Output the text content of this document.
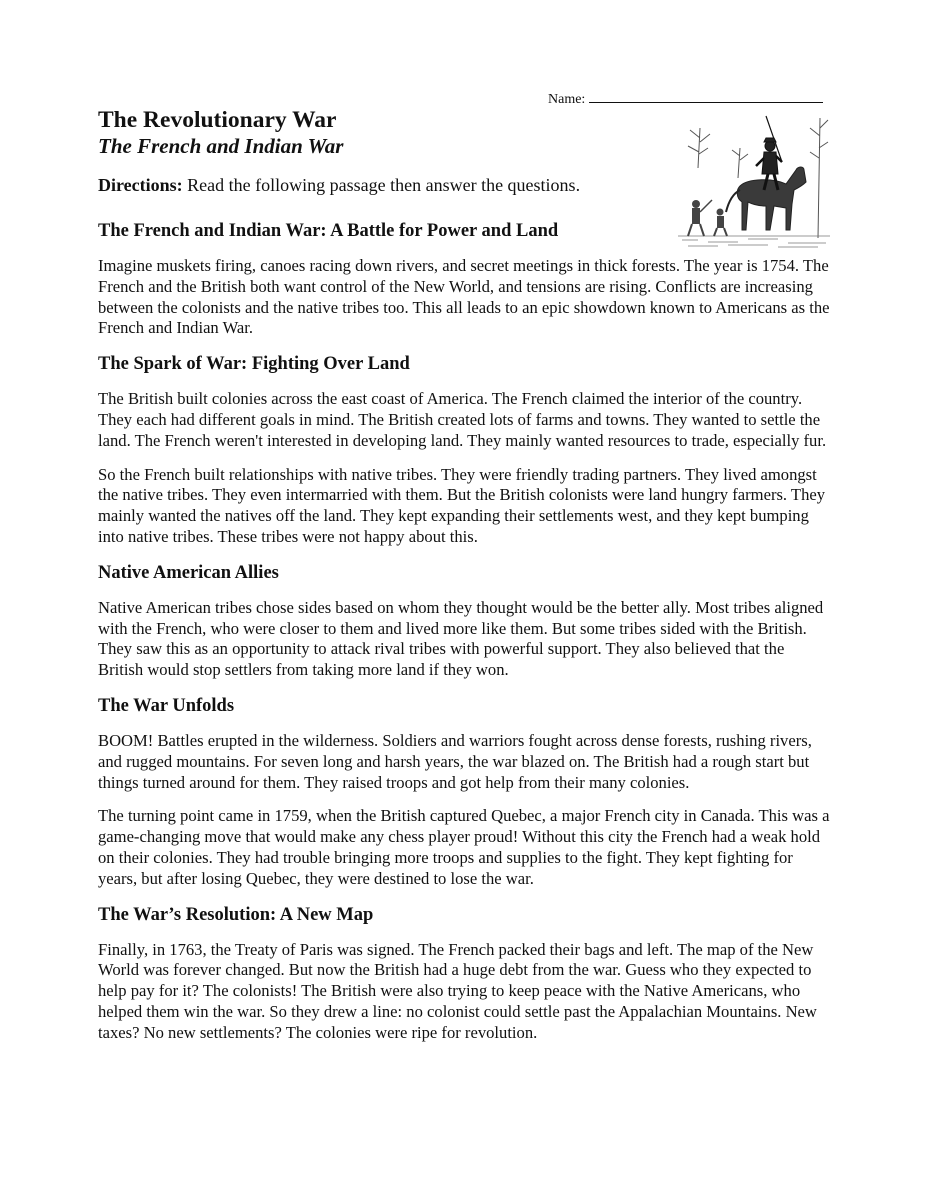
Name:
The Revolutionary War
The French and Indian War
Directions: Read the following passage then answer the questions.
The French and Indian War: A Battle for Power and Land

Imagine muskets firing, canoes racing down rivers, and secret meetings in thick forests. The year is 1754. The French and the British both want control of the New World, and tensions are rising. Conflicts are increasing between the colonists and the native tribes too. This all leads to an epic showdown known to Americans as the French and Indian War.

The Spark of War: Fighting Over Land

The British built colonies across the east coast of America. The French claimed the interior of the country. They each had different goals in mind. The British created lots of farms and towns. They wanted to settle the land. The French weren't interested in developing land. They mainly wanted resources to trade, especially fur.

So the French built relationships with native tribes. They were friendly trading partners. They lived amongst the native tribes. They even intermarried with them. But the British colonists were land hungry farmers. They mainly wanted the natives off the land. They kept expanding their settlements west, and they kept bumping into native tribes. These tribes were not happy about this.

Native American Allies

Native American tribes chose sides based on whom they thought would be the better ally. Most tribes aligned with the French, who were closer to them and lived more like them. But some tribes sided with the British. They saw this as an opportunity to attack rival tribes with powerful support. They also believed that the British would stop settlers from taking more land if they won.

The War Unfolds

BOOM! Battles erupted in the wilderness. Soldiers and warriors fought across dense forests, rushing rivers, and rugged mountains. For seven long and harsh years, the war blazed on. The British had a rough start but things turned around for them. They raised troops and got help from their many colonies.

The turning point came in 1759, when the British captured Quebec, a major French city in Canada. This was a game-changing move that would make any chess player proud! Without this city the French had a weak hold on their colonies. They had trouble bringing more troops and supplies to the fight. They kept fighting for years, but after losing Quebec, they were destined to lose the war.

The War’s Resolution: A New Map

Finally, in 1763, the Treaty of Paris was signed. The French packed their bags and left. The map of the New World was forever changed. But now the British had a huge debt from the war. Guess who they expected to help pay for it? The colonists! The British were also trying to keep peace with the Native Americans, who helped them win the war. So they drew a line: no colonist could settle past the Appalachian Mountains. New taxes? No new settlements? The colonies were ripe for revolution.
